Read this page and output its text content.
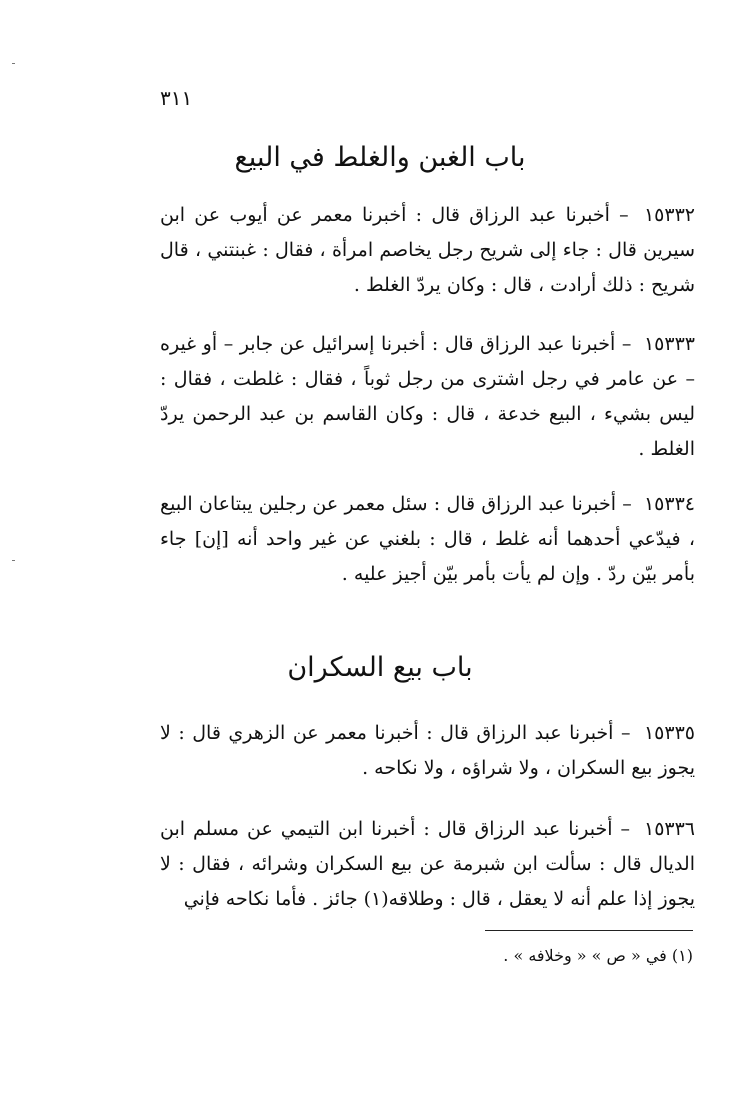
٣١١
باب الغبن والغلط في البيع
١٥٣٣٢ – أخبرنا عبد الرزاق قال : أخبرنا معمر عن أيوب عن ابن سيرين قال : جاء إلى شريح رجل يخاصم امرأة ، فقال : غبنتني ، قال شريح : ذلك أرادت ، قال : وكان يردّ الغلط .
١٥٣٣٣ – أخبرنا عبد الرزاق قال : أخبرنا إسرائيل عن جابر – أو غيره – عن عامر في رجل اشترى من رجل ثوباً ، فقال : غلطت ، فقال : ليس بشيء ، البيع خدعة ، قال : وكان القاسم بن عبد الرحمن يردّ الغلط .
١٥٣٣٤ – أخبرنا عبد الرزاق قال : سئل معمر عن رجلين يبتاعان البيع ، فيدّعي أحدهما أنه غلط ، قال : بلغني عن غير واحد أنه [إن] جاء بأمر بيّن ردّ . وإن لم يأت بأمر بيّن أجيز عليه .
باب بيع السكران
١٥٣٣٥ – أخبرنا عبد الرزاق قال : أخبرنا معمر عن الزهري قال : لا يجوز بيع السكران ، ولا شراؤه ، ولا نكاحه .
١٥٣٣٦ – أخبرنا عبد الرزاق قال : أخبرنا ابن التيمي عن مسلم ابن الديال قال : سألت ابن شبرمة عن بيع السكران وشرائه ، فقال : لا يجوز إذا علم أنه لا يعقل ، قال : وطلاقه(١) جائز . فأما نكاحه فإني
(١) في « ص » « وخلافه » .
